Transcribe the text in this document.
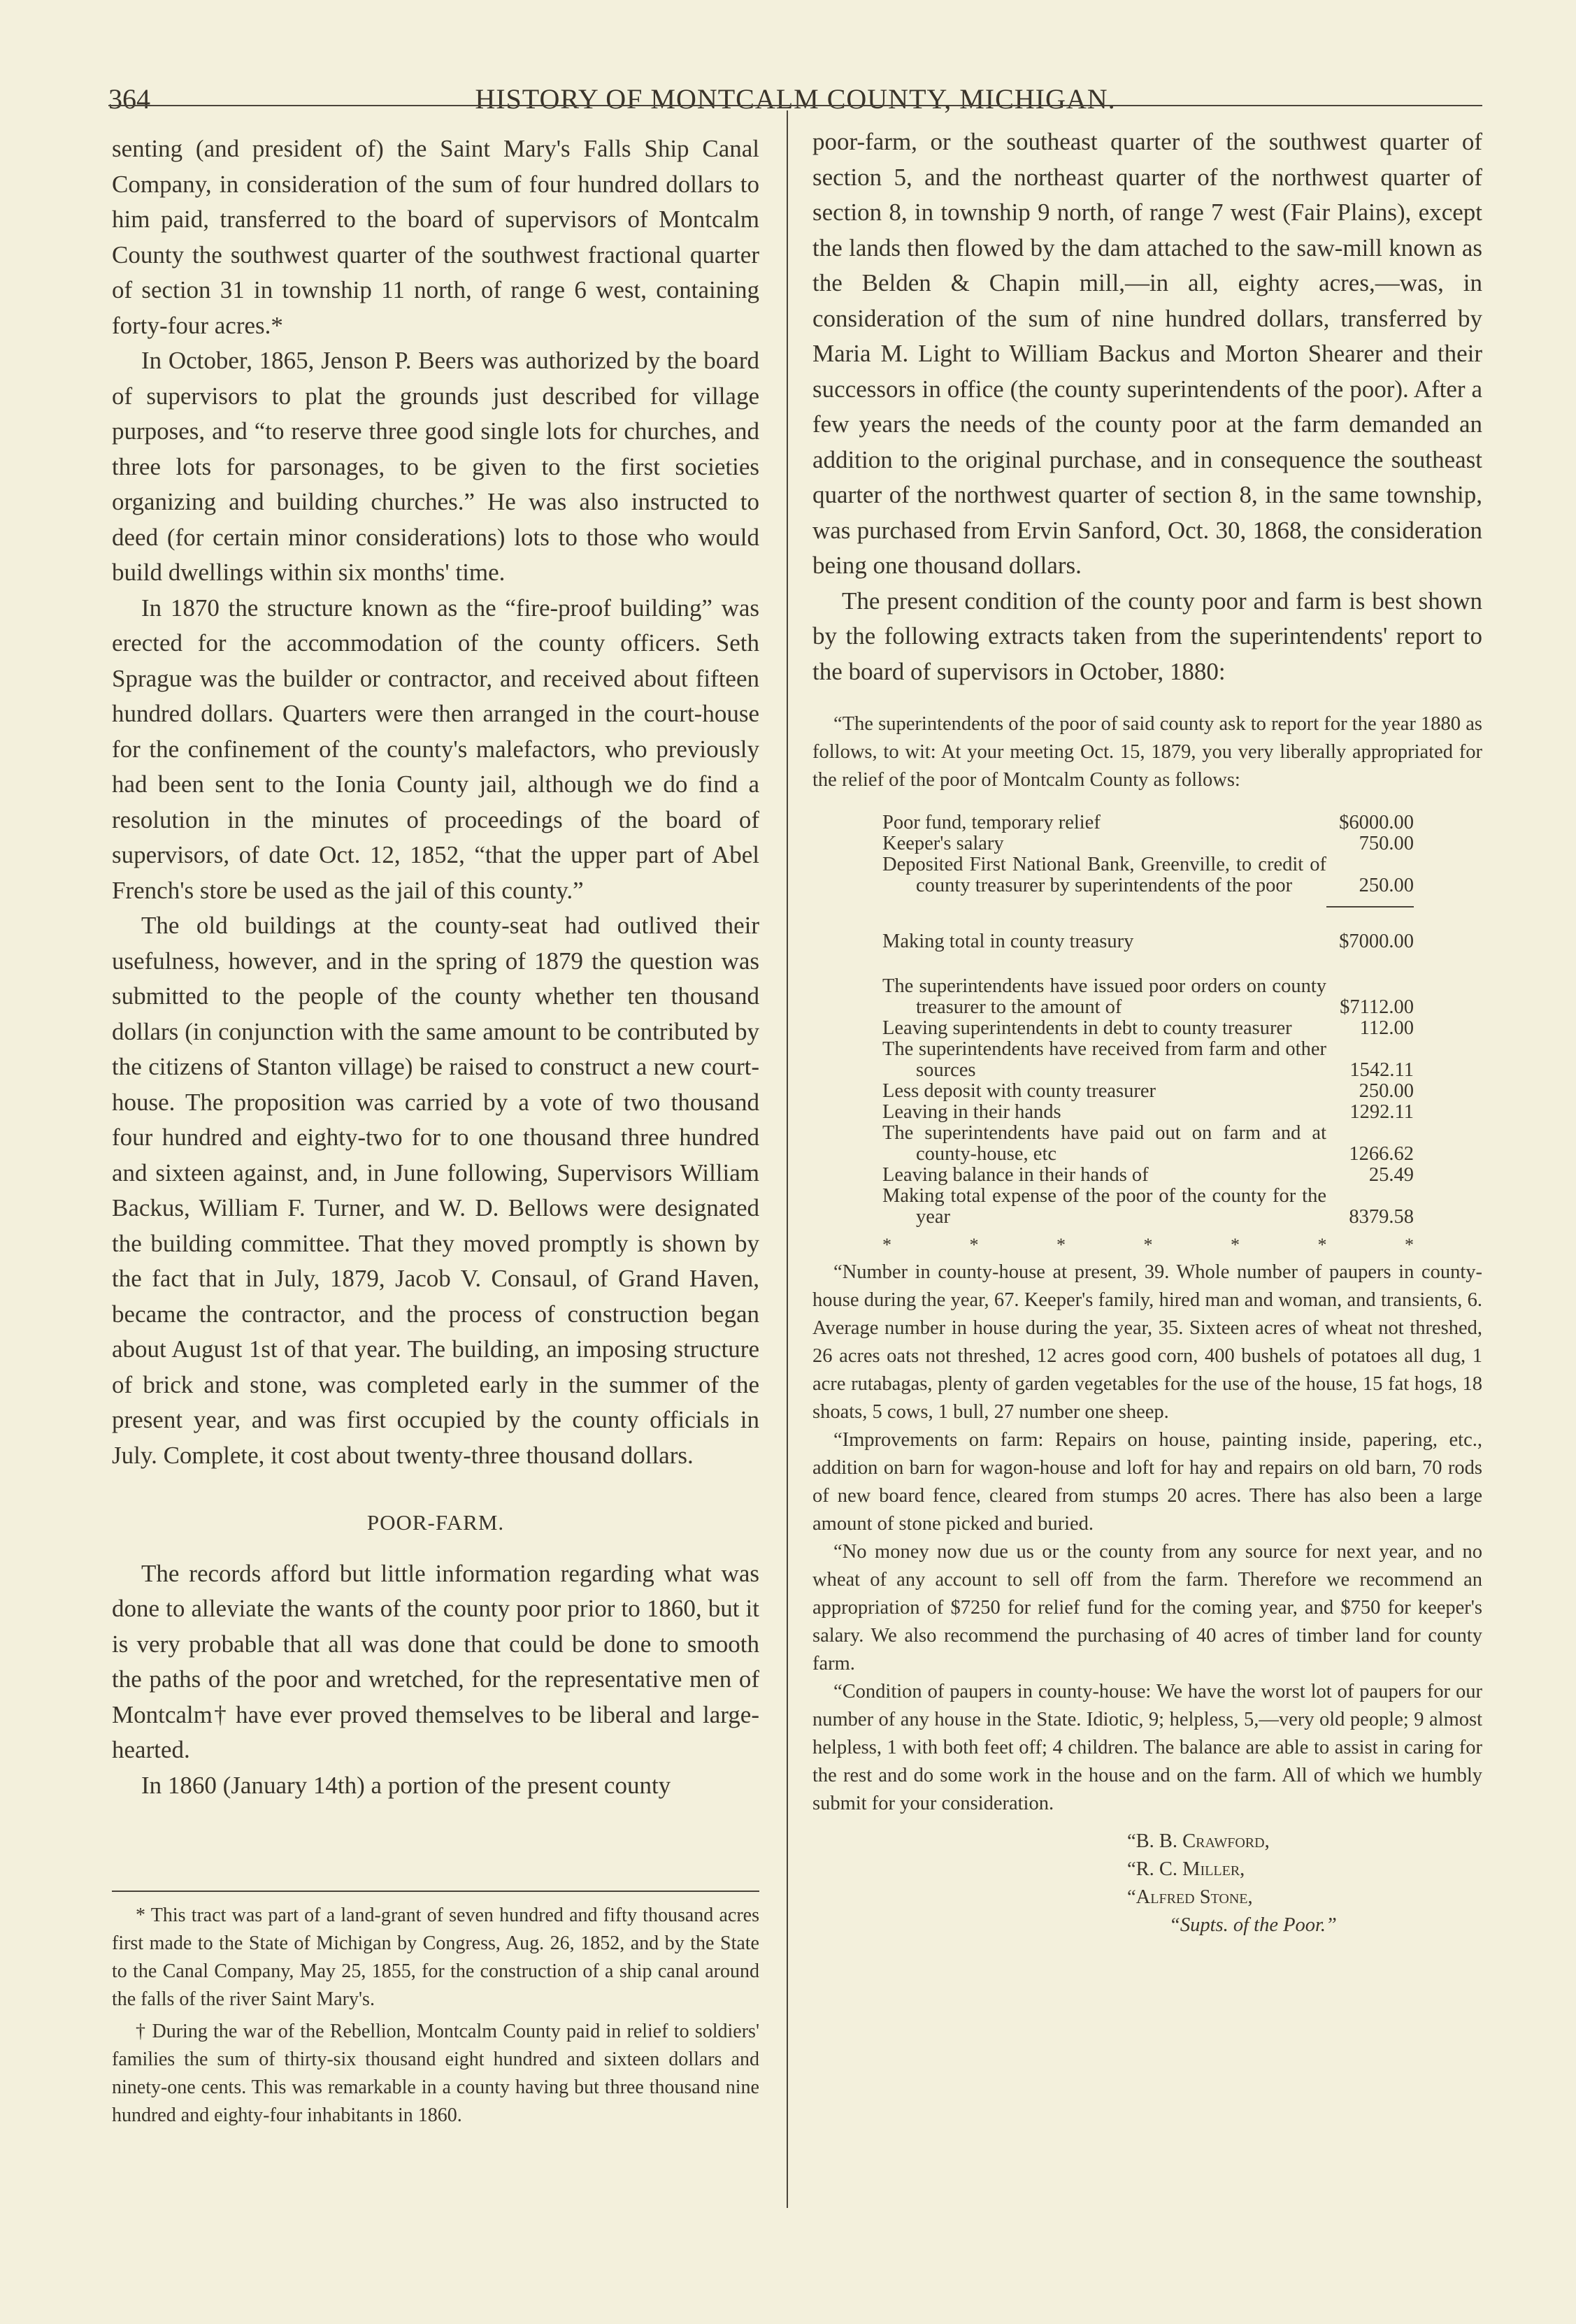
364	HISTORY OF MONTCALM COUNTY, MICHIGAN.

senting (and president of) the Saint Mary's Falls Ship Canal Company, in consideration of the sum of four hundred dollars to him paid, transferred to the board of supervisors of Montcalm County the southwest quarter of the southwest fractional quarter of section 31 in township 11 north, of range 6 west, containing forty-four acres.*

In October, 1865, Jenson P. Beers was authorized by the board of supervisors to plat the grounds just described for village purposes, and “to reserve three good single lots for churches, and three lots for parsonages, to be given to the first societies organizing and building churches.” He was also instructed to deed (for certain minor considerations) lots to those who would build dwellings within six months' time.

In 1870 the structure known as the “fire-proof building” was erected for the accommodation of the county officers. Seth Sprague was the builder or contractor, and received about fifteen hundred dollars. Quarters were then arranged in the court-house for the confinement of the county's malefactors, who previously had been sent to the Ionia County jail, although we do find a resolution in the minutes of proceedings of the board of supervisors, of date Oct. 12, 1852, “that the upper part of Abel French's store be used as the jail of this county.”

The old buildings at the county-seat had outlived their usefulness, however, and in the spring of 1879 the question was submitted to the people of the county whether ten thousand dollars (in conjunction with the same amount to be contributed by the citizens of Stanton village) be raised to construct a new court-house. The proposition was carried by a vote of two thousand four hundred and eighty-two for to one thousand three hundred and sixteen against, and, in June following, Supervisors William Backus, William F. Turner, and W. D. Bellows were designated the building committee. That they moved promptly is shown by the fact that in July, 1879, Jacob V. Consaul, of Grand Haven, became the contractor, and the process of construction began about August 1st of that year. The building, an imposing structure of brick and stone, was completed early in the summer of the present year, and was first occupied by the county officials in July. Complete, it cost about twenty-three thousand dollars.

POOR-FARM.

The records afford but little information regarding what was done to alleviate the wants of the county poor prior to 1860, but it is very probable that all was done that could be done to smooth the paths of the poor and wretched, for the representative men of Montcalm† have ever proved themselves to be liberal and large-hearted.

In 1860 (January 14th) a portion of the present county

* This tract was part of a land-grant of seven hundred and fifty thousand acres first made to the State of Michigan by Congress, Aug. 26, 1852, and by the State to the Canal Company, May 25, 1855, for the construction of a ship canal around the falls of the river Saint Mary's.

† During the war of the Rebellion, Montcalm County paid in relief to soldiers' families the sum of thirty-six thousand eight hundred and sixteen dollars and ninety-one cents. This was remarkable in a county having but three thousand nine hundred and eighty-four inhabitants in 1860.

poor-farm, or the southeast quarter of the southwest quarter of section 5, and the northeast quarter of the northwest quarter of section 8, in township 9 north, of range 7 west (Fair Plains), except the lands then flowed by the dam attached to the saw-mill known as the Belden & Chapin mill,—in all, eighty acres,—was, in consideration of the sum of nine hundred dollars, transferred by Maria M. Light to William Backus and Morton Shearer and their successors in office (the county superintendents of the poor). After a few years the needs of the county poor at the farm demanded an addition to the original purchase, and in consequence the southeast quarter of the northwest quarter of section 8, in the same township, was purchased from Ervin Sanford, Oct. 30, 1868, the consideration being one thousand dollars.

The present condition of the county poor and farm is best shown by the following extracts taken from the superintendents' report to the board of supervisors in October, 1880:

“The superintendents of the poor of said county ask to report for the year 1880 as follows, to wit: At your meeting Oct. 15, 1879, you very liberally appropriated for the relief of the poor of Montcalm County as follows:

Poor fund, temporary relief	$6000.00
Keeper's salary	750.00
Deposited First National Bank, Greenville, to credit of county treasurer by superintendents of the poor	250.00

Making total in county treasury	$7000.00

The superintendents have issued poor orders on county treasurer to the amount of	$7112.00
Leaving superintendents in debt to county treasurer	112.00
The superintendents have received from farm and other sources	1542.11
Less deposit with county treasurer	250.00
Leaving in their hands	1292.11
The superintendents have paid out on farm and at county-house, etc	1266.62
Leaving balance in their hands of	25.49
Making total expense of the poor of the county for the year	8379.58
*	*	*	*	*	*	*

“Number in county-house at present, 39. Whole number of paupers in county-house during the year, 67. Keeper's family, hired man and woman, and transients, 6. Average number in house during the year, 35. Sixteen acres of wheat not threshed, 26 acres oats not threshed, 12 acres good corn, 400 bushels of potatoes all dug, 1 acre rutabagas, plenty of garden vegetables for the use of the house, 15 fat hogs, 18 shoats, 5 cows, 1 bull, 27 number one sheep.

“Improvements on farm: Repairs on house, painting inside, papering, etc., addition on barn for wagon-house and loft for hay and repairs on old barn, 70 rods of new board fence, cleared from stumps 20 acres. There has also been a large amount of stone picked and buried.

“No money now due us or the county from any source for next year, and no wheat of any account to sell off from the farm. Therefore we recommend an appropriation of $7250 for relief fund for the coming year, and $750 for keeper's salary. We also recommend the purchasing of 40 acres of timber land for county farm.

“Condition of paupers in county-house: We have the worst lot of paupers for our number of any house in the State. Idiotic, 9; helpless, 5,—very old people; 9 almost helpless, 1 with both feet off; 4 children. The balance are able to assist in caring for the rest and do some work in the house and on the farm. All of which we humbly submit for your consideration.

“B. B. Crawford,
“R. C. Miller,
“Alfred Stone,
“Supts. of the Poor.”
